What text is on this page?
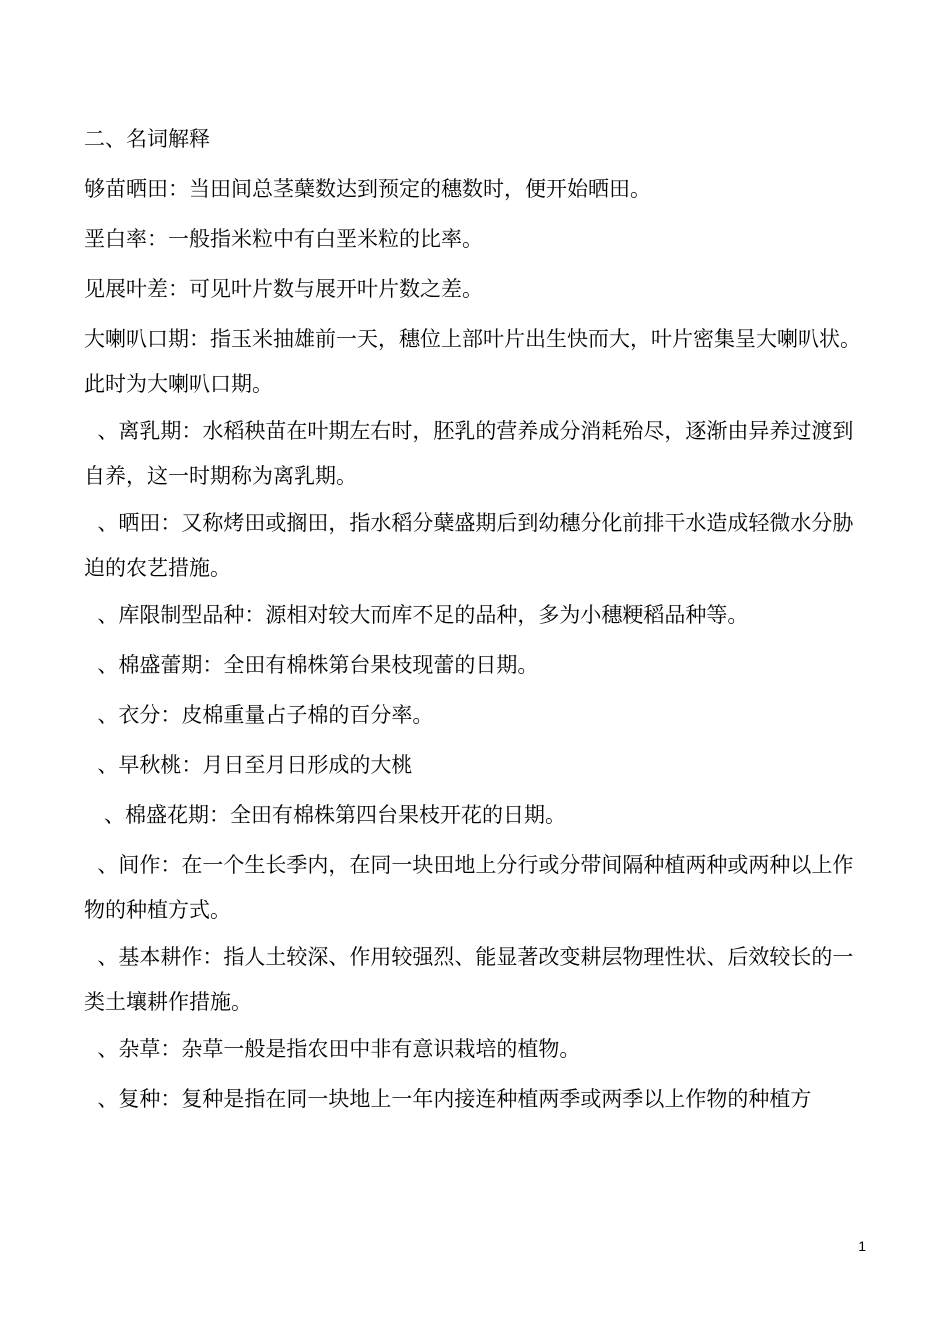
二、名词解释

够苗晒田：当田间总茎蘖数达到预定的穗数时，便开始晒田。

垩白率：一般指米粒中有白垩米粒的比率。

见展叶差：可见叶片数与展开叶片数之差。

大喇叭口期：指玉米抽雄前一天，穗位上部叶片出生快而大，叶片密集呈大喇叭状。此时为大喇叭口期。

、离乳期：水稻秧苗在叶期左右时，胚乳的营养成分消耗殆尽，逐渐由异养过渡到自养，这一时期称为离乳期。

、晒田：又称烤田或搁田，指水稻分蘖盛期后到幼穗分化前排干水造成轻微水分胁迫的农艺措施。

、库限制型品种：源相对较大而库不足的品种，多为小穗粳稻品种等。

、棉盛蕾期：全田有棉株第台果枝现蕾的日期。

、衣分：皮棉重量占子棉的百分率。

、早秋桃：月日至月日形成的大桃

、棉盛花期：全田有棉株第四台果枝开花的日期。

、间作：在一个生长季内，在同一块田地上分行或分带间隔种植两种或两种以上作物的种植方式。

、基本耕作：指人土较深、作用较强烈、能显著改变耕层物理性状、后效较长的一类土壤耕作措施。

、杂草：杂草一般是指农田中非有意识栽培的植物。

、复种：复种是指在同一块地上一年内接连种植两季或两季以上作物的种植方

1
